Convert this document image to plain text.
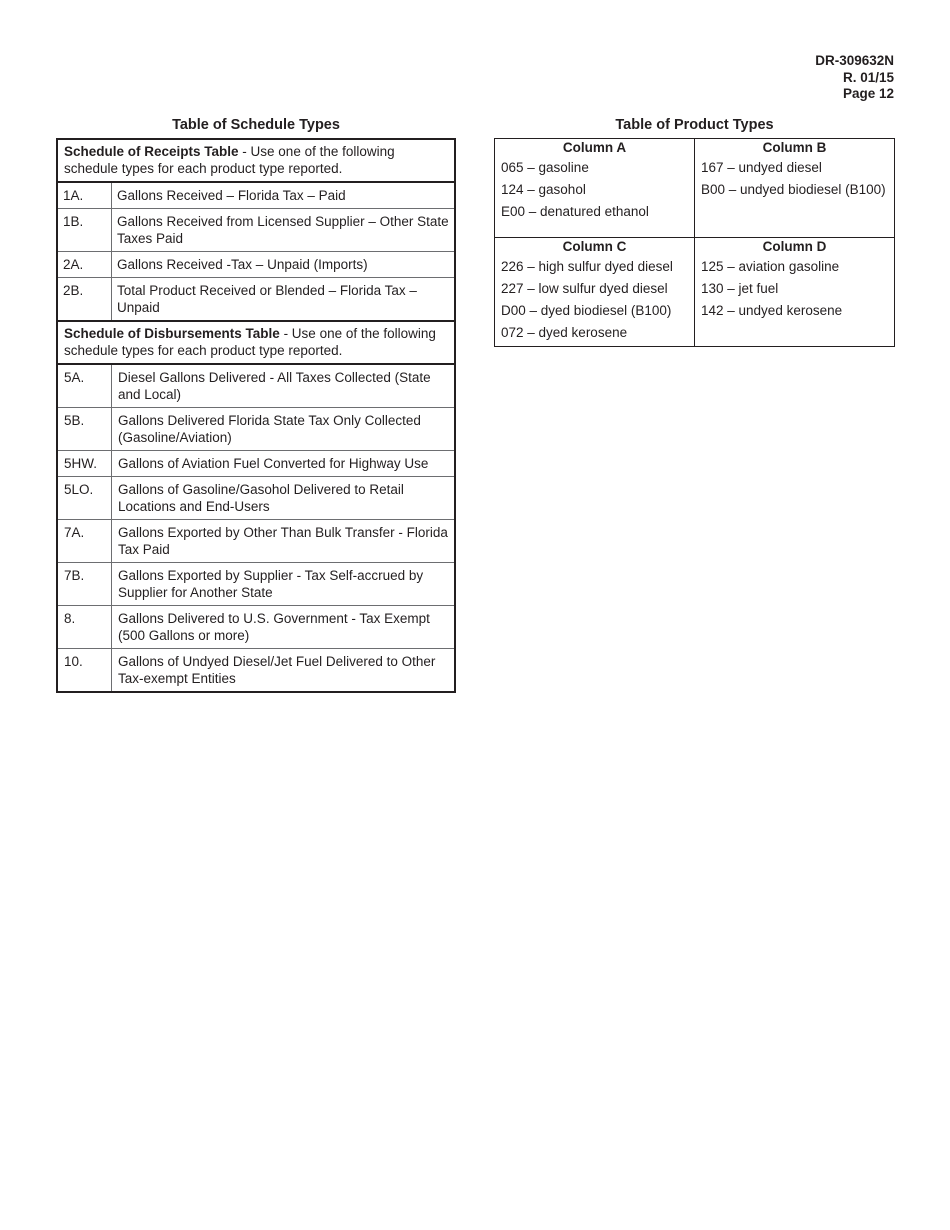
DR-309632N
R. 01/15
Page 12
Table of Schedule Types
Schedule of Receipts Table - Use one of the following schedule types for each product type reported.	
1A.	Gallons Received – Florida Tax – Paid
1B.	Gallons Received from Licensed Supplier – Other State Taxes Paid
2A.	Gallons Received -Tax – Unpaid (Imports)
2B.	Total Product Received or Blended – Florida Tax – Unpaid
Schedule of Disbursements Table - Use one of the following schedule types for each product type reported.	
5A.	Diesel Gallons Delivered - All Taxes Collected (State and Local)
5B.	Gallons Delivered Florida State Tax Only Collected (Gasoline/Aviation)
5HW.	Gallons of Aviation Fuel Converted for Highway Use
5LO.	Gallons of Gasoline/Gasohol Delivered to Retail Locations and End-Users
7A.	Gallons Exported by Other Than Bulk Transfer - Florida Tax Paid
7B.	Gallons Exported by Supplier - Tax Self-accrued by Supplier for Another State
8.	Gallons Delivered to U.S. Government - Tax Exempt (500 Gallons or more)
10.	Gallons of Undyed Diesel/Jet Fuel Delivered to Other Tax-exempt Entities
Table of Product Types
Column A	Column B
065 – gasoline	167 – undyed diesel
124 – gasohol	B00 – undyed biodiesel (B100)
E00 – denatured ethanol	

Column C	Column D
226 – high sulfur dyed diesel	125 – aviation gasoline
227 – low sulfur dyed diesel	130 – jet fuel
D00 – dyed biodiesel (B100)	142 – undyed kerosene
072 – dyed kerosene	
